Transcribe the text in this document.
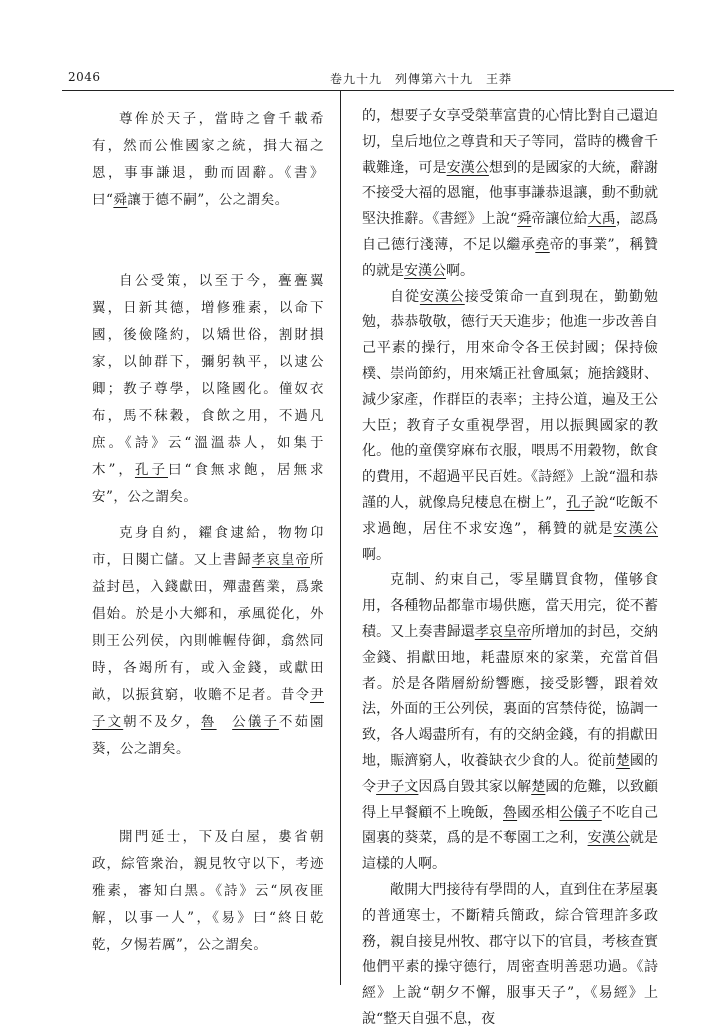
2046	卷九十九　列傳第六十九　王莽

尊侔於天子，當時之會千載希有，然而公惟國家之統，揖大福之恩，事事謙退，動而固辭。《書》曰“舜讓于德不嗣”，公之謂矣。

自公受策，以至于今，亹亹翼翼，日新其德，增修雅素，以命下國，後儉隆約，以矯世俗，割財損家，以帥群下，彌躬執平，以逮公卿；教子尊學，以隆國化。僮奴衣布，馬不秣穀，食飲之用，不過凡庶。《詩》云“溫溫恭人，如集于木”，孔子曰“食無求飽，居無求安”，公之謂矣。

克身自約，糴食逮給，物物卬市，日闋亡儲。又上書歸孝哀皇帝所益封邑，入錢獻田，殫盡舊業，爲衆倡始。於是小大鄉和，承風從化，外則王公列侯，內則帷幄侍御，翕然同時，各竭所有，或入金錢，或獻田畝，以振貧窮，收贍不足者。昔令尹子文朝不及夕，魯　 公儀子不茹園葵，公之謂矣。

開門延士，下及白屋，婁省朝政，綜管衆治，親見牧守以下，考迹雅素，審知白黑。《詩》云“夙夜匪解，以事一人”，《易》曰“終日乾乾，夕惕若厲”，公之謂矣。

的，想要子女享受榮華富貴的心情比對自己還迫切，皇后地位之尊貴和天子等同，當時的機會千載難逢，可是安漢公想到的是國家的大統，辭謝不接受大福的恩寵，他事事謙恭退讓，動不動就堅決推辭。《書經》上說“舜帝讓位給大禹，認爲自己德行淺薄，不足以繼承堯帝的事業”，稱贊的就是安漢公啊。

自從安漢公接受策命一直到現在，勤勤勉勉，恭恭敬敬，德行天天進步；他進一步改善自己平素的操行，用來命令各王侯封國；保持儉樸、崇尚節約，用來矯正社會風氣；施捨錢財、減少家產，作群臣的表率；主持公道，遍及王公大臣；教育子女重視學習，用以振興國家的教化。他的童僕穿麻布衣服，喂馬不用穀物，飲食的費用，不超過平民百姓。《詩經》上說“溫和恭謹的人，就像鳥兒棲息在樹上”，孔子說“吃飯不求過飽，居住不求安逸”，稱贊的就是安漢公啊。

克制、約束自己，零星購買食物，僅够食用，各種物品都靠市場供應，當天用完，從不蓄積。又上奏書歸還孝哀皇帝所增加的封邑，交納金錢、捐獻田地，耗盡原來的家業，充當首倡者。於是各階層紛紛響應，接受影響，跟着效法，外面的王公列侯，裏面的宮禁侍從，協調一致，各人竭盡所有，有的交納金錢，有的捐獻田地，賑濟窮人，收養缺衣少食的人。從前楚國的令尹子文因爲自毀其家以解楚國的危難，以致顧得上早餐顧不上晚飯，魯國丞相公儀子不吃自己園裏的葵菜，爲的是不奪園工之利，安漢公就是這樣的人啊。

敞開大門接待有學問的人，直到住在茅屋裏的普通寒士，不斷精兵簡政，綜合管理許多政務，親自接見州牧、郡守以下的官員，考核查實他們平素的操守德行，周密查明善惡功過。《詩經》上說“朝夕不懈，服事天子”，《易經》上說“整天自强不息，夜
